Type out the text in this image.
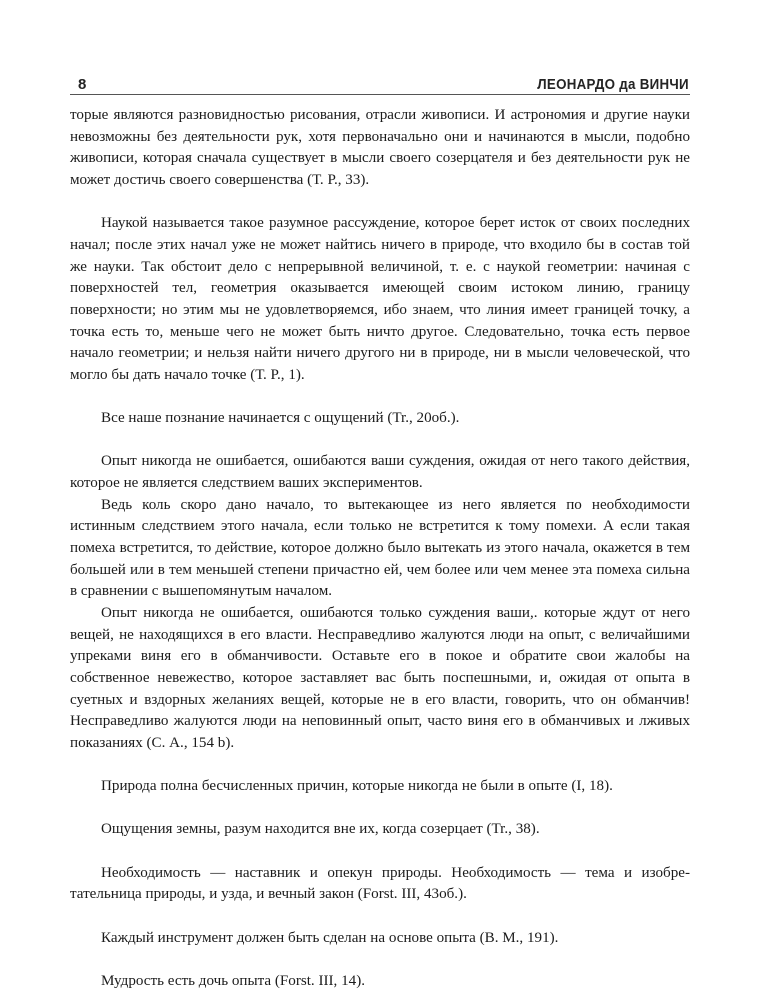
8	ЛЕОНАРДО да ВИНЧИ

торые являются разновидностью рисования, отрасли живописи. И астрономия и другие науки невозможны без деятельности рук, хотя первоначально они и начинаются в мысли, подобно живописи, которая сначала существует в мысли своего созерцателя и без деятельности рук не может достичь своего совершенства (Т. Р., 33).

Наукой называется такое разумное рассуждение, которое берет исток от своих последних начал; после этих начал уже не может найтись ничего в природе, что входило бы в состав той же науки. Так обстоит дело с непрерывной величиной, т. е. с наукой геометрии: начиная с поверхностей тел, геометрия оказывается имеющей своим истоком линию, границу поверхности; но этим мы не удовлетворяемся, ибо знаем, что линия имеет границей точку, а точка есть то, меньше чего не может быть ничто другое. Следовательно, точка есть первое начало геометрии; и нельзя найти ничего другого ни в природе, ни в мысли человеческой, что могло бы дать начало точке (Т. Р., 1).

Все наше познание начинается с ощущений (Tr., 20об.).

Опыт никогда не ошибается, ошибаются ваши суждения, ожидая от него такого действия, которое не является следствием ваших экспериментов.

Ведь коль скоро дано начало, то вытекающее из него является по необходимости истинным следствием этого начала, если только не встретится к тому помехи. А если такая помеха встретится, то действие, которое должно было вытекать из этого начала, окажется в тем большей или в тем меньшей степени причастно ей, чем более или чем менее эта помеха сильна в сравнении с вышепомянутым началом.

Опыт никогда не ошибается, ошибаются только суждения ваши,. которые ждут от него вещей, не находящихся в его власти. Несправедливо жалуются люди на опыт, с величайшими упреками виня его в обманчивости. Оставьте его в покое и обратите свои жалобы на собственное невежество, которое заставляет вас быть поспешными, и, ожидая от опыта в суетных и вздорных желаниях вещей, которые не в его власти, говорить, что он обманчив! Несправедливо жалуются люди на неповинный опыт, часто виня его в обманчивых и лживых показаниях (С. А., 154 b).

Природа полна бесчисленных причин, которые никогда не были в опыте (I, 18).

Ощущения земны, разум находится вне их, когда созерцает (Tr., 38).

Необходимость — наставник и опекун природы. Необходимость — тема и изобретательница природы, и узда, и вечный закон (Forst. III, 43об.).

Каждый инструмент должен быть сделан на основе опыта (В. М., 191).

Мудрость есть дочь опыта (Forst. III, 14).
